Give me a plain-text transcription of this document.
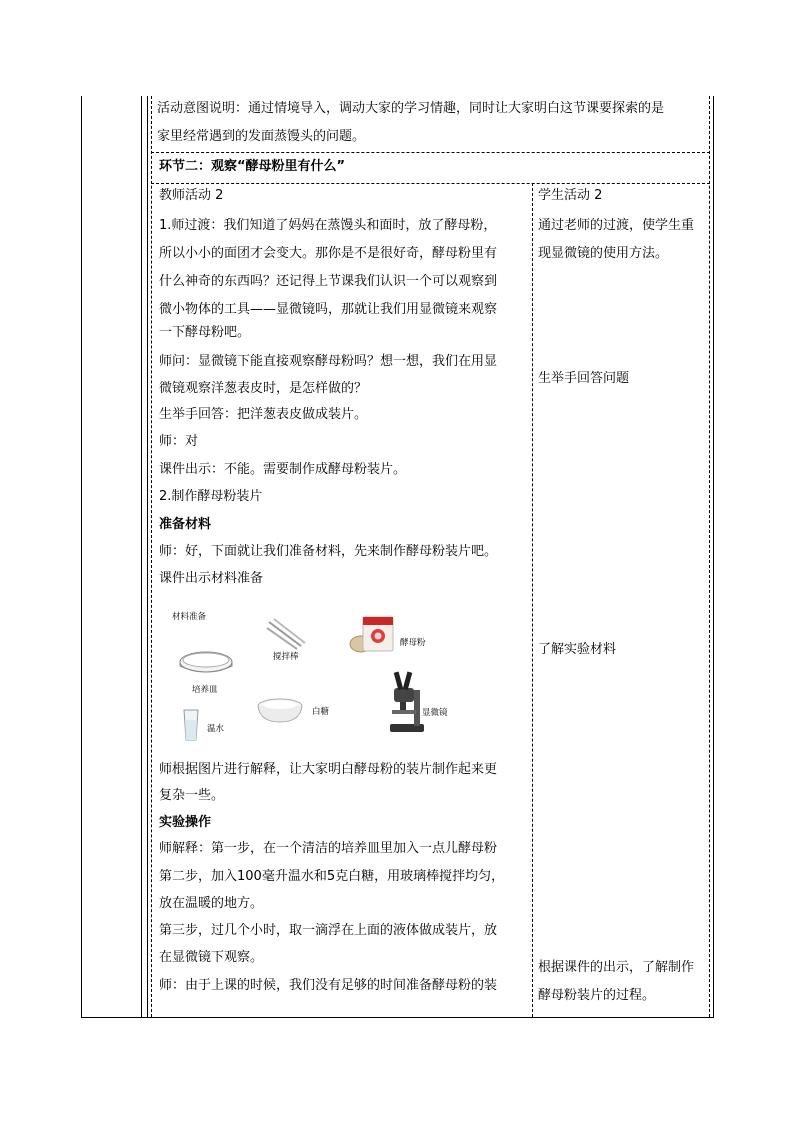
活动意图说明：通过情境导入，调动大家的学习情趣，同时让大家明白这节课要探索的是
家里经常遇到的发面蒸馒头的问题。
环节二：观察“酵母粉里有什么”
教师活动 2	学生活动 2
1.师过渡：我们知道了妈妈在蒸馒头和面时，放了酵母粉，
所以小小的面团才会变大。那你是不是很好奇，酵母粉里有
什么神奇的东西吗？还记得上节课我们认识一个可以观察到
微小物体的工具——显微镜吗，那就让我们用显微镜来观察
一下酵母粉吧。
师问：显微镜下能直接观察酵母粉吗？想一想，我们在用显
微镜观察洋葱表皮时，是怎样做的？
生举手回答：把洋葱表皮做成装片。
师：对
课件出示：不能。需要制作成酵母粉装片。
2.制作酵母粉装片
准备材料
师：好，下面就让我们准备材料，先来制作酵母粉装片吧。
课件出示材料准备
材料准备
搅拌棒
酵母粉
培养皿
温水
白糖	显微镜
师根据图片进行解释，让大家明白酵母粉的装片制作起来更
复杂一些。
实验操作
师解释：第一步，在一个清洁的培养皿里加入一点儿酵母粉
第二步，加入100毫升温水和5克白糖，用玻璃棒搅拌均匀，
放在温暖的地方。
第三步，过几个小时，取一滴浮在上面的液体做成装片，放
在显微镜下观察。
师：由于上课的时候，我们没有足够的时间准备酵母粉的装
通过老师的过渡，使学生重
现显微镜的使用方法。
生举手回答问题
了解实验材料
根据课件的出示，了解制作
酵母粉装片的过程。
